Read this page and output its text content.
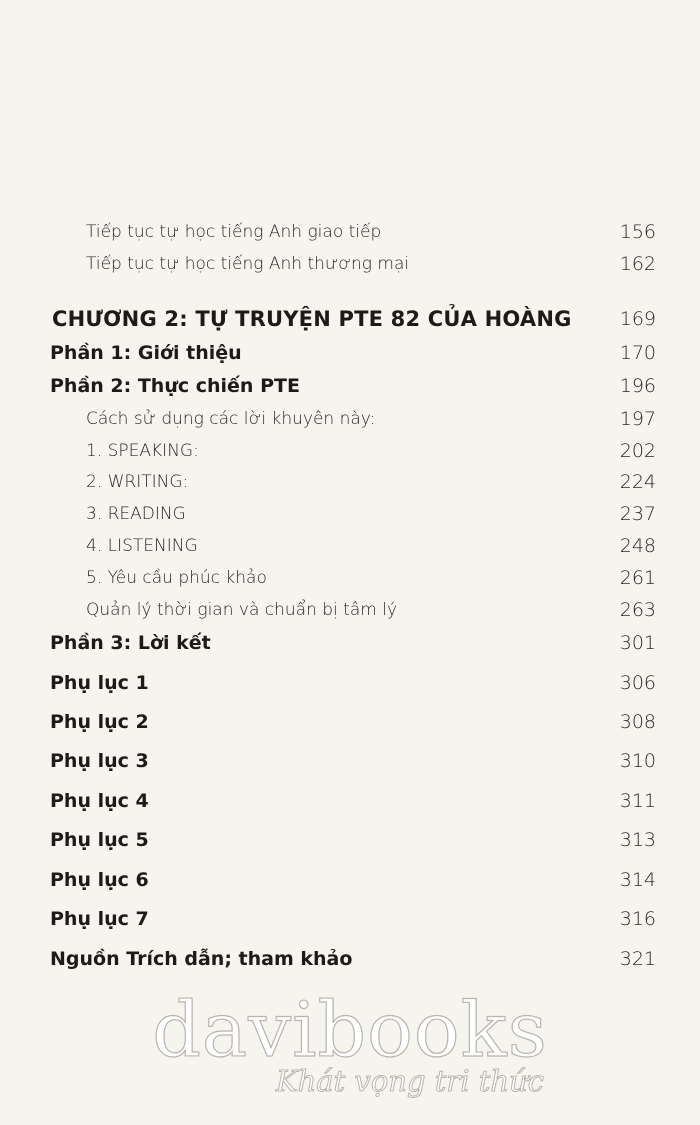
Tiếp tục tự học tiếng Anh giao tiếp	156
Tiếp tục tự học tiếng Anh thương mại	162
CHƯƠNG 2: TỰ TRUYỆN PTE 82 CỦA HOÀNG	169
Phần 1: Giới thiệu	170
Phần 2: Thực chiến PTE	196
Cách sử dụng các lời khuyên này:	197
1. SPEAKING:	202
2. WRITING:	224
3. READING	237
4. LISTENING	248
5. Yêu cầu phúc khảo	261
Quản lý thời gian và chuẩn bị tâm lý	263
Phần 3: Lời kết	301
Phụ lục 1	306
Phụ lục 2	308
Phụ lục 3	310
Phụ lục 4	311
Phụ lục 5	313
Phụ lục 6	314
Phụ lục 7	316
Nguồn Trích dẫn; tham khảo	321
davibooks
Khát vọng tri thức
